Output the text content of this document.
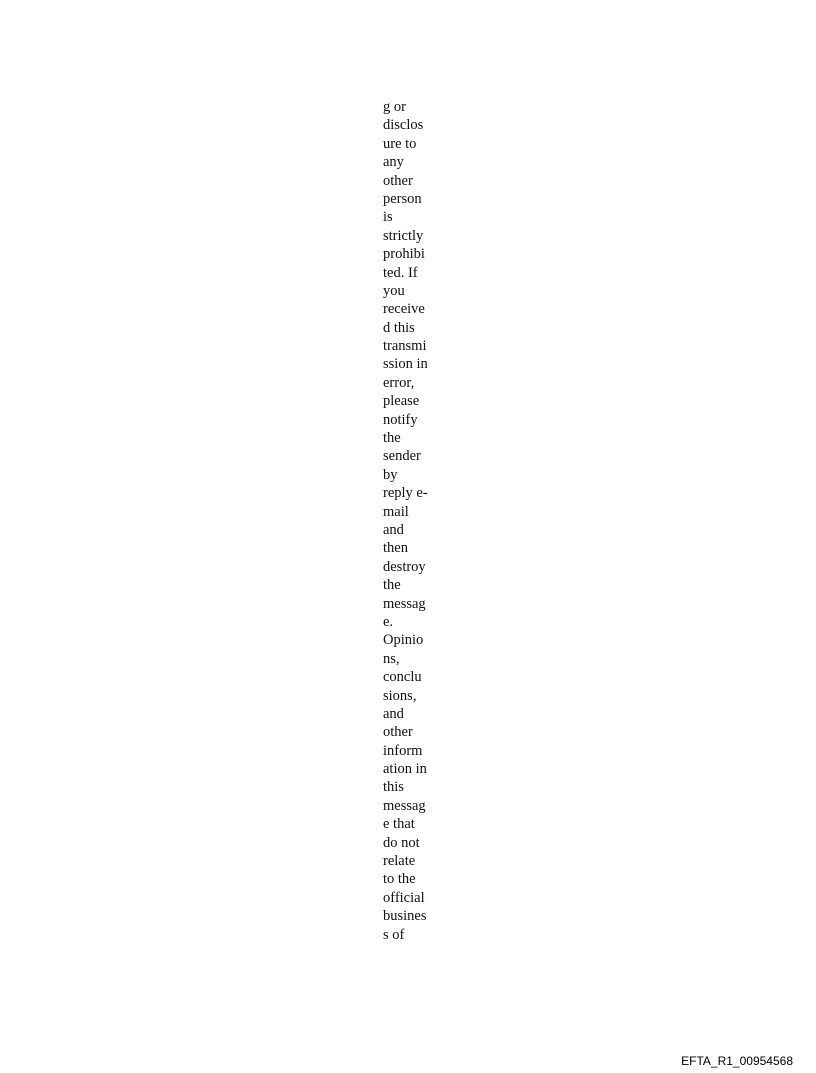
g or
disclos
ure to
any
other
person
is
strictly
prohibi
ted. If
you
receive
d this
transmi
ssion in
error,
please
notify
the
sender
by
reply e-
mail
and
then
destroy
the
messag
e.
Opinio
ns,
conclu
sions,
and
other
inform
ation in
this
messag
e that
do not
relate
to the
official
busines
s of
EFTA_R1_00954568
